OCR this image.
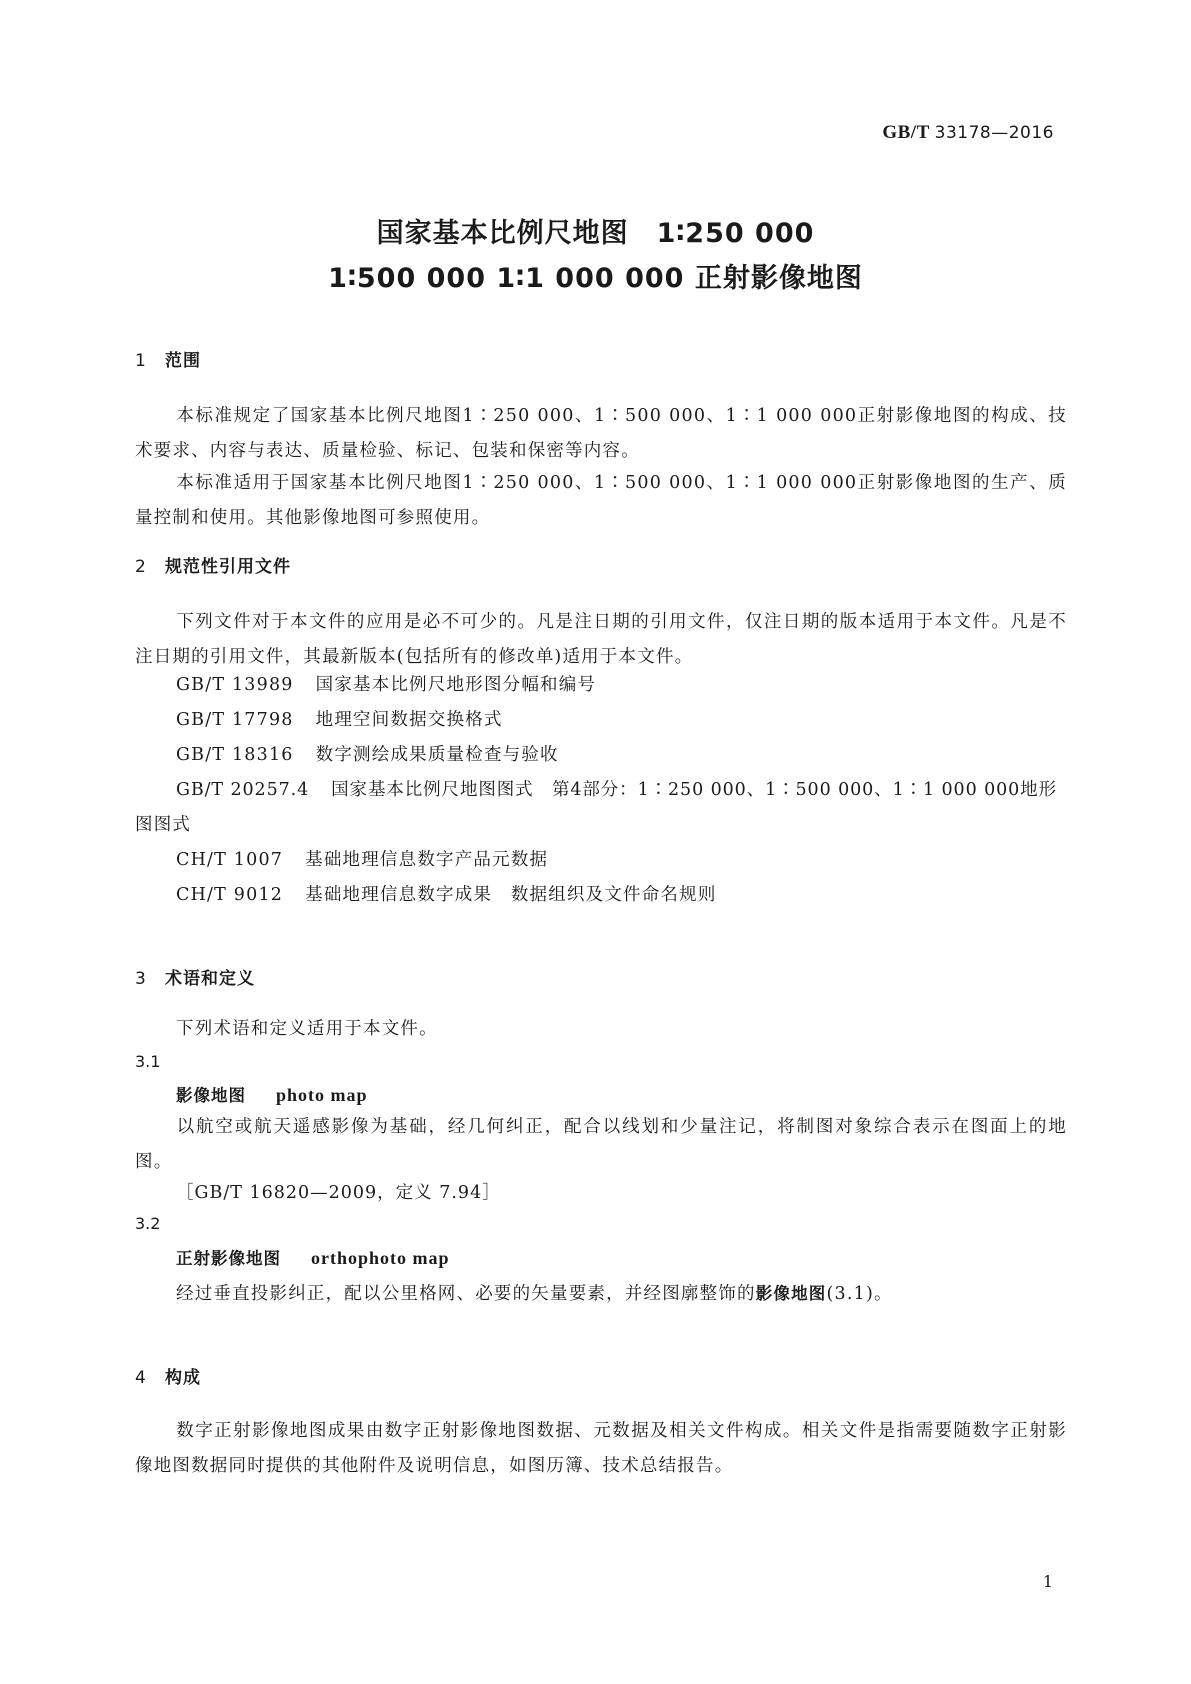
GB/T 33178—2016
国家基本比例尺地图　1∶250 000
1∶500 000 1∶1 000 000 正射影像地图
1 范围
本标准规定了国家基本比例尺地图1∶250 000、1∶500 000、1∶1 000 000正射影像地图的构成、技术要求、内容与表达、质量检验、标记、包装和保密等内容。
本标准适用于国家基本比例尺地图1∶250 000、1∶500 000、1∶1 000 000正射影像地图的生产、质量控制和使用。其他影像地图可参照使用。
2 规范性引用文件
下列文件对于本文件的应用是必不可少的。凡是注日期的引用文件，仅注日期的版本适用于本文件。凡是不注日期的引用文件，其最新版本(包括所有的修改单)适用于本文件。
GB/T 13989 国家基本比例尺地形图分幅和编号
GB/T 17798 地理空间数据交换格式
GB/T 18316 数字测绘成果质量检查与验收
GB/T 20257.4 国家基本比例尺地图图式　第4部分：1∶250 000、1∶500 000、1∶1 000 000地形
图图式
CH/T 1007 基础地理信息数字产品元数据
CH/T 9012 基础地理信息数字成果　数据组织及文件命名规则
3 术语和定义
下列术语和定义适用于本文件。
3.1
影像地图 photo map
以航空或航天遥感影像为基础，经几何纠正，配合以线划和少量注记，将制图对象综合表示在图面上的地图。
［GB/T 16820—2009，定义 7.94］
3.2
正射影像地图 orthophoto map
经过垂直投影纠正，配以公里格网、必要的矢量要素，并经图廓整饰的影像地图(3.1)。
4 构成
数字正射影像地图成果由数字正射影像地图数据、元数据及相关文件构成。相关文件是指需要随数字正射影像地图数据同时提供的其他附件及说明信息，如图历簿、技术总结报告。
1
